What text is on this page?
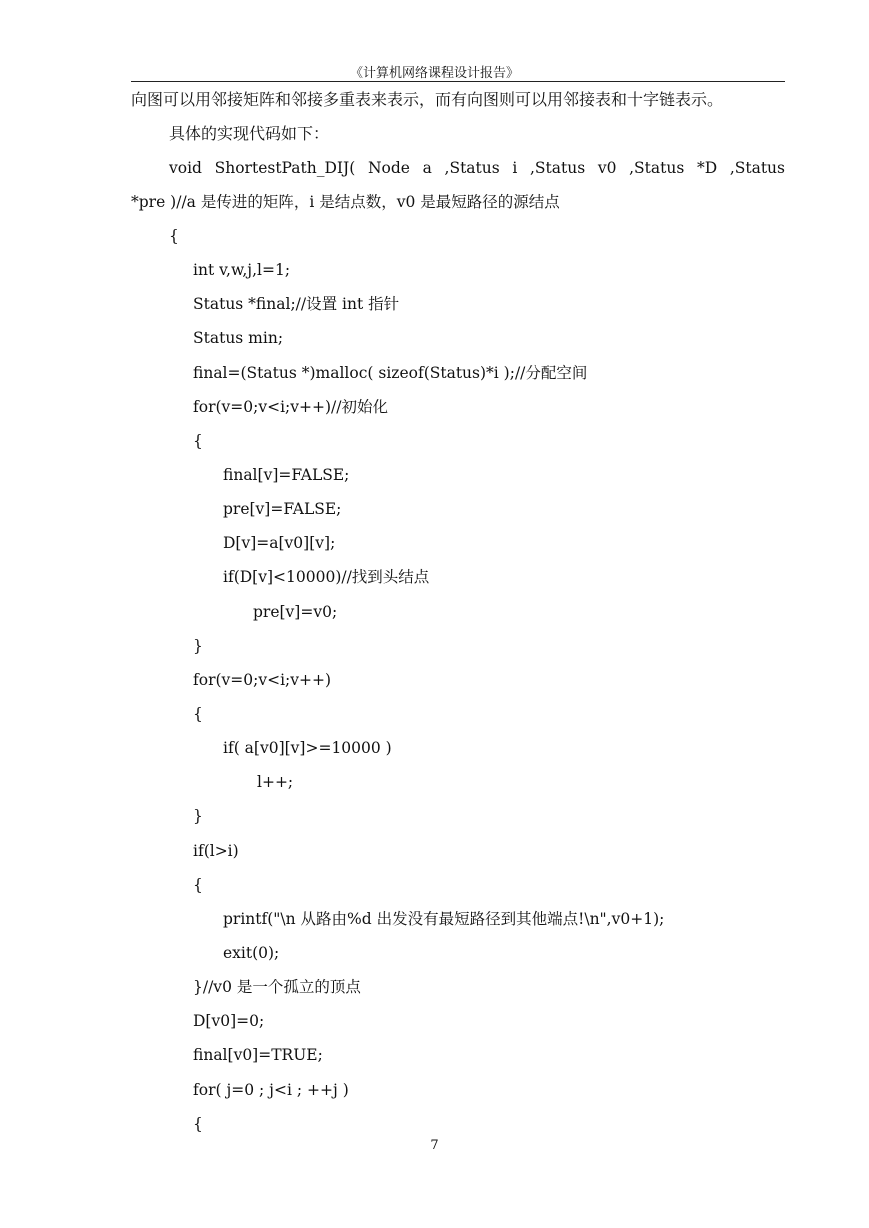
《计算机网络课程设计报告》
向图可以用邻接矩阵和邻接多重表来表示，而有向图则可以用邻接表和十字链表示。
具体的实现代码如下：
void ShortestPath_DIJ( Node a ,Status i ,Status v0 ,Status *D ,Status
*pre )//a 是传进的矩阵，i 是结点数，v0 是最短路径的源结点
{
int v,w,j,l=1;
Status *final;//设置 int 指针
Status min;
final=(Status *)malloc( sizeof(Status)*i );//分配空间
for(v=0;v<i;v++)//初始化
{
final[v]=FALSE;
pre[v]=FALSE;
D[v]=a[v0][v];
if(D[v]<10000)//找到头结点
pre[v]=v0;
}
for(v=0;v<i;v++)
{
if( a[v0][v]>=10000 )
l++;
}
if(l>i)
{
printf("\n 从路由%d 出发没有最短路径到其他端点!\n",v0+1);
exit(0);
}//v0 是一个孤立的顶点
D[v0]=0;
final[v0]=TRUE;
for( j=0 ; j<i ; ++j )
{
7
